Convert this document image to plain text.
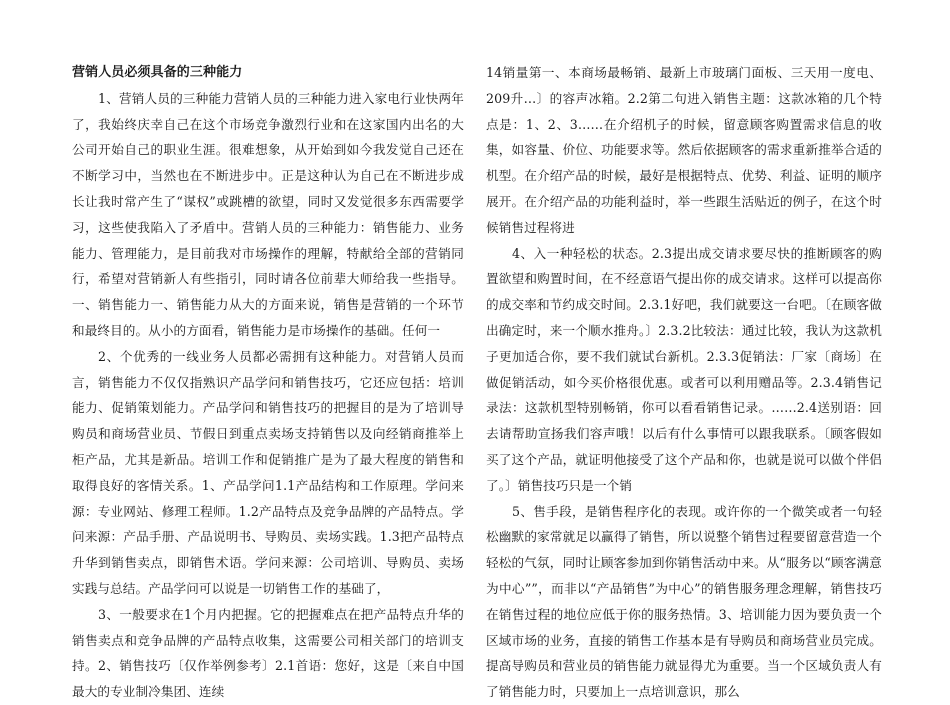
营销人员必须具备的三种能力

1、营销人员的三种能力营销人员的三种能力进入家电行业快两年了，我始终庆幸自己在这个市场竞争激烈行业和在这家国内出名的大公司开始自己的职业生涯。很难想象，从开始到如今我发觉自己还在不断学习中，当然也在不断进步中。正是这种认为自己在不断进步成长让我时常产生了“谋权”或跳槽的欲望，同时又发觉很多东西需要学习，这些使我陷入了矛盾中。营销人员的三种能力：销售能力、业务能力、管理能力，是目前我对市场操作的理解，特献给全部的营销同行，希望对营销新人有些指引，同时请各位前辈大师给我一些指导。一、销售能力一、销售能力从大的方面来说，销售是营销的一个环节和最终目的。从小的方面看，销售能力是市场操作的基础。任何一

2、个优秀的一线业务人员都必需拥有这种能力。对营销人员而言，销售能力不仅仅指熟识产品学问和销售技巧，它还应包括：培训能力、促销策划能力。产品学问和销售技巧的把握目的是为了培训导购员和商场营业员、节假日到重点卖场支持销售以及向经销商推举上柜产品，尤其是新品。培训工作和促销推广是为了最大程度的销售和取得良好的客情关系。1、产品学问1.1产品结构和工作原理。学问来源：专业网站、修理工程师。1.2产品特点及竞争品牌的产品特点。学问来源：产品手册、产品说明书、导购员、卖场实践。1.3把产品特点升华到销售卖点，即销售术语。学问来源：公司培训、导购员、卖场实践与总结。产品学问可以说是一切销售工作的基础了，

3、一般要求在1个月内把握。它的把握难点在把产品特点升华的销售卖点和竞争品牌的产品特点收集，这需要公司相关部门的培训支持。2、销售技巧〔仅作举例参考〕2.1首语：您好，这是〔来自中国最大的专业制冷集团、连续

14销量第一、本商场最畅销、最新上市玻璃门面板、三天用一度电、209升…〕的容声冰箱。2.2第二句进入销售主题：这款冰箱的几个特点是：1、2、3……在介绍机子的时候，留意顾客购置需求信息的收集，如容量、价位、功能要求等。然后依据顾客的需求重新推举合适的机型。在介绍产品的时候，最好是根据特点、优势、利益、证明的顺序展开。在介绍产品的功能利益时，举一些跟生活贴近的例子，在这个时候销售过程将进

4、入一种轻松的状态。2.3提出成交请求要尽快的推断顾客的购置欲望和购置时间，在不经意语气提出你的成交请求。这样可以提高你的成交率和节约成交时间。2.3.1好吧，我们就要这一台吧。〔在顾客做出确定时，来一个顺水推舟。〕2.3.2比较法：通过比较，我认为这款机子更加适合你，要不我们就试台新机。2.3.3促销法：厂家〔商场〕在做促销活动，如今买价格很优惠。或者可以利用赠品等。2.3.4销售记录法：这款机型特别畅销，你可以看看销售记录。……2.4送别语：回去请帮助宣扬我们容声哦！以后有什么事情可以跟我联系。〔顾客假如买了这个产品，就证明他接受了这个产品和你，也就是说可以做个伴侣了。〕销售技巧只是一个销

5、售手段，是销售程序化的表现。或许你的一个微笑或者一句轻松幽默的家常就足以赢得了销售，所以说整个销售过程要留意营造一个轻松的气氛，同时让顾客参加到你销售活动中来。从“服务以“顾客满意为中心””，而非以“产品销售”为中心”的销售服务理念理解，销售技巧在销售过程的地位应低于你的服务热情。3、培训能力因为要负责一个区域市场的业务，直接的销售工作基本是有导购员和商场营业员完成。提高导购员和营业员的销售能力就显得尤为重要。当一个区域负责人有了销售能力时，只要加上一点培训意识，那么
